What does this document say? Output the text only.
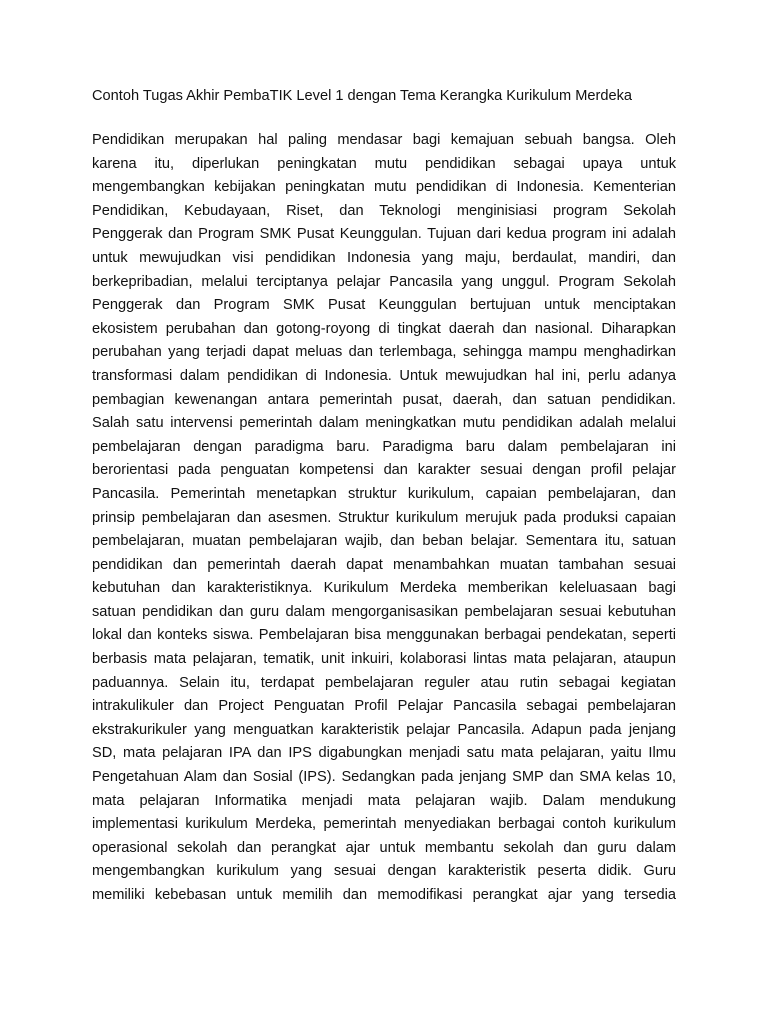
Contoh Tugas Akhir PembaTIK Level 1 dengan Tema Kerangka Kurikulum Merdeka

Pendidikan merupakan hal paling mendasar bagi kemajuan sebuah bangsa. Oleh
karena itu, diperlukan peningkatan mutu pendidikan sebagai upaya untuk
mengembangkan kebijakan peningkatan mutu pendidikan di Indonesia. Kementerian
Pendidikan, Kebudayaan, Riset, dan Teknologi menginisiasi program Sekolah
Penggerak dan Program SMK Pusat Keunggulan. Tujuan dari kedua program ini adalah
untuk mewujudkan visi pendidikan Indonesia yang maju, berdaulat, mandiri, dan
berkepribadian, melalui terciptanya pelajar Pancasila yang unggul. Program Sekolah
Penggerak dan Program SMK Pusat Keunggulan bertujuan untuk menciptakan
ekosistem perubahan dan gotong-royong di tingkat daerah dan nasional. Diharapkan
perubahan yang terjadi dapat meluas dan terlembaga, sehingga mampu menghadirkan
transformasi dalam pendidikan di Indonesia. Untuk mewujudkan hal ini, perlu adanya
pembagian kewenangan antara pemerintah pusat, daerah, dan satuan pendidikan.
Salah satu intervensi pemerintah dalam meningkatkan mutu pendidikan adalah melalui
pembelajaran dengan paradigma baru. Paradigma baru dalam pembelajaran ini
berorientasi pada penguatan kompetensi dan karakter sesuai dengan profil pelajar
Pancasila. Pemerintah menetapkan struktur kurikulum, capaian pembelajaran, dan
prinsip pembelajaran dan asesmen. Struktur kurikulum merujuk pada produksi capaian
pembelajaran, muatan pembelajaran wajib, dan beban belajar. Sementara itu, satuan
pendidikan dan pemerintah daerah dapat menambahkan muatan tambahan sesuai
kebutuhan dan karakteristiknya. Kurikulum Merdeka memberikan keleluasaan bagi
satuan pendidikan dan guru dalam mengorganisasikan pembelajaran sesuai kebutuhan
lokal dan konteks siswa. Pembelajaran bisa menggunakan berbagai pendekatan, seperti
berbasis mata pelajaran, tematik, unit inkuiri, kolaborasi lintas mata pelajaran, ataupun
paduannya. Selain itu, terdapat pembelajaran reguler atau rutin sebagai kegiatan
intrakulikuler dan Project Penguatan Profil Pelajar Pancasila sebagai pembelajaran
ekstrakurikuler yang menguatkan karakteristik pelajar Pancasila. Adapun pada jenjang
SD, mata pelajaran IPA dan IPS digabungkan menjadi satu mata pelajaran, yaitu Ilmu
Pengetahuan Alam dan Sosial (IPS). Sedangkan pada jenjang SMP dan SMA kelas 10,
mata pelajaran Informatika menjadi mata pelajaran wajib. Dalam mendukung
implementasi kurikulum Merdeka, pemerintah menyediakan berbagai contoh kurikulum
operasional sekolah dan perangkat ajar untuk membantu sekolah dan guru dalam
mengembangkan kurikulum yang sesuai dengan karakteristik peserta didik. Guru
memiliki kebebasan untuk memilih dan memodifikasi perangkat ajar yang tersedia
